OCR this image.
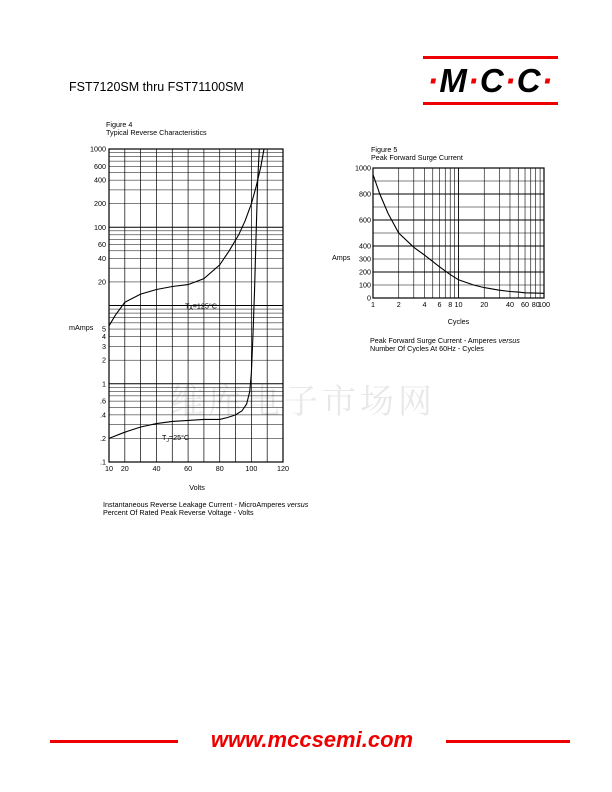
FST7120SM thru FST71100SM	·M·C·C·
Figure 4
Typical Reverse Characteristics
Figure 5
Peak Forward Surge Current
维库电子市场网
10 20	40	60	80	100	120
.1
.2
.4
.6
1
2
3
4
5
20
40
60
100
200
400
600
1000
Volts
mAmps
$T_A=125^\circ C$
$T_J=25^\circ C$
1	2	4 6 8 10 20 40 60 80
100
0
100
200
300
400
600
800
1000
Cycles
Amps
Instantaneous Reverse Leakage Current - MicroAmperes versus
Percent Of Rated Peak Reverse Voltage - Volts
Peak Forward Surge Current - Amperes versus
Number Of Cycles At 60Hz - Cycles
www.mccsemi.com
